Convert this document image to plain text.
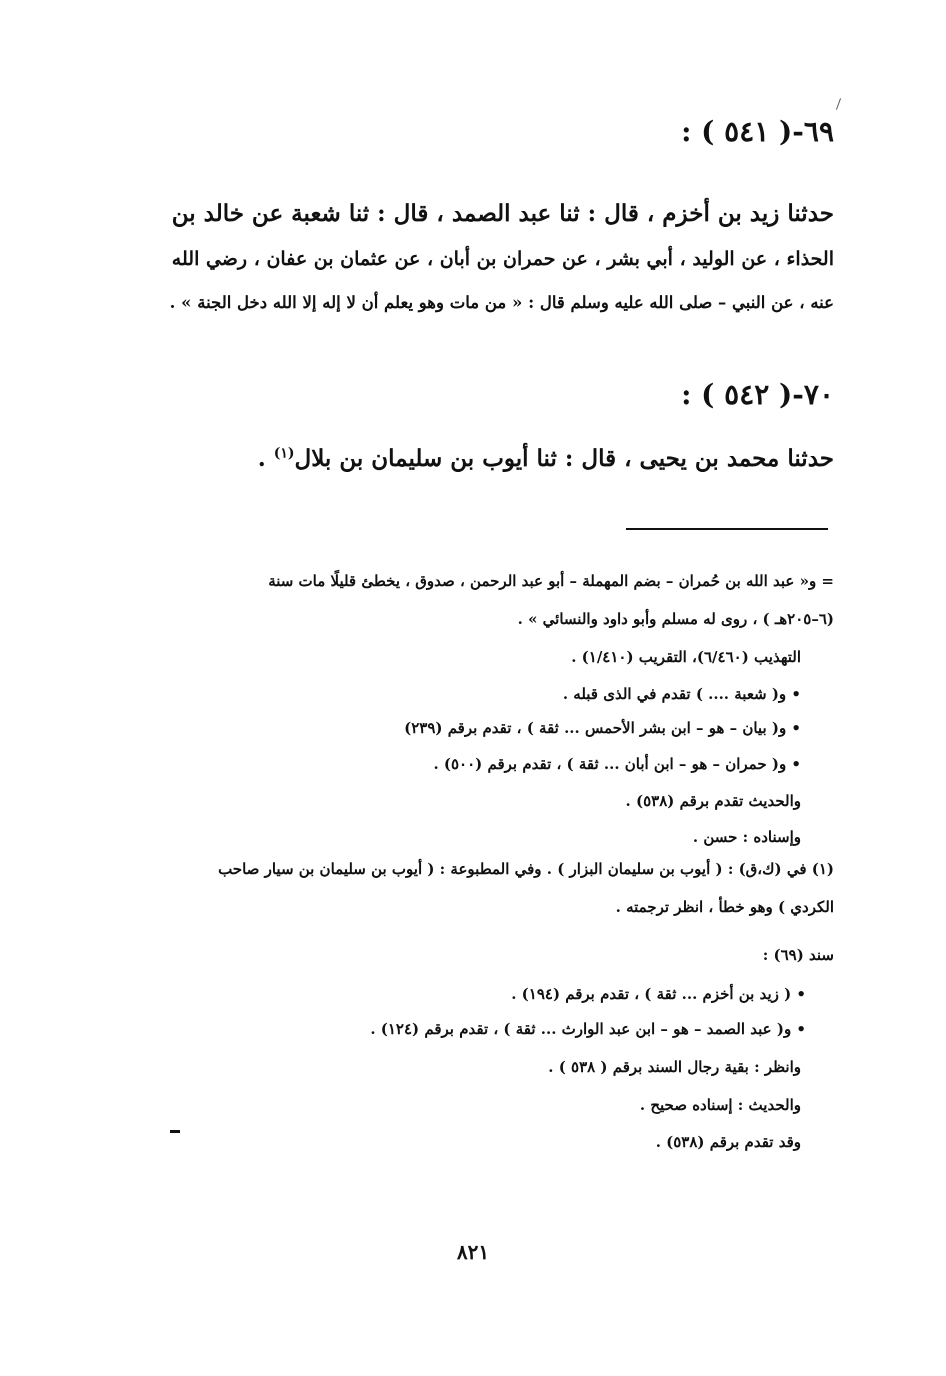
٦٩-( ٥٤١ ) :
حدثنا زيد بن أخزم ، قال : ثنا عبد الصمد ، قال : ثنا شعبة عن خالد بن
الحذاء ، عن الوليد ، أبي بشر ، عن حمران بن أبان ، عن عثمان بن عفان ، رضي الله
عنه ، عن النبي – صلى الله عليه وسلم قال : « من مات وهو يعلم أن لا إله إلا الله دخل الجنة » .
٧٠-( ٥٤٢ ) :
حدثنا محمد بن يحيى ، قال : ثنا أيوب بن سليمان بن بلال$^{(١)}$ .
= و« عبد الله بن حُمران – بضم المهملة – أبو عبد الرحمن ، صدوق ، يخطئ قليلًا مات سنة
(٦–٢٠٥هـ ) ، روى له مسلم وأبو داود والنسائي » .
التهذيب (٦/٤٦٠)، التقريب (١/٤١٠) .
• و( شعبة .... ) تقدم في الذى قبله .
• و( بيان – هو – ابن بشر الأحمس ... ثقة ) ، تقدم برقم (٢٣٩)
• و( حمران – هو – ابن أبان ... ثقة ) ، تقدم برقم (٥٠٠) .
والحديث تقدم برقم (٥٣٨) .
وإسناده : حسن .
(١) في (ك،ق) : ( أيوب بن سليمان البزار ) . وفي المطبوعة : ( أيوب بن سليمان بن سيار صاحب
الكردي ) وهو خطأ ، انظر ترجمته .
سند (٦٩) :
• ( زيد بن أخزم ... ثقة ) ، تقدم برقم (١٩٤) .
• و( عبد الصمد – هو – ابن عبد الوارث ... ثقة ) ، تقدم برقم (١٢٤) .
وانظر : بقية رجال السند برقم ( ٥٣٨ ) .
والحديث : إسناده صحيح .
وقد تقدم برقم (٥٣٨) .
٨٢١
